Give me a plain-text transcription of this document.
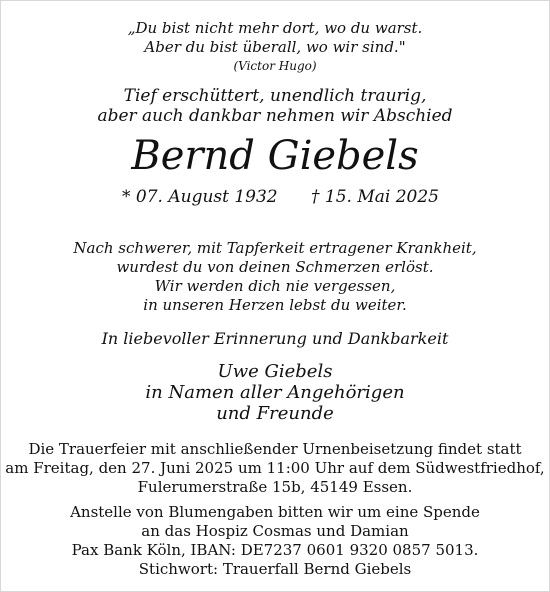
„Du bist nicht mehr dort, wo du warst.
Aber du bist überall, wo wir sind."
(Victor Hugo)
Tief erschüttert, unendlich traurig,
aber auch dankbar nehmen wir Abschied
Bernd Giebels
* 07. August 1932 † 15. Mai 2025
Nach schwerer, mit Tapferkeit ertragener Krankheit,
wurdest du von deinen Schmerzen erlöst.
Wir werden dich nie vergessen,
in unseren Herzen lebst du weiter.
In liebevoller Erinnerung und Dankbarkeit
Uwe Giebels
in Namen aller Angehörigen
und Freunde
Die Trauerfeier mit anschließender Urnenbeisetzung findet statt
am Freitag, den 27. Juni 2025 um 11:00 Uhr auf dem Südwestfriedhof,
Fulerumerstraße 15b, 45149 Essen.
Anstelle von Blumengaben bitten wir um eine Spende
an das Hospiz Cosmas und Damian
Pax Bank Köln, IBAN: DE7237 0601 9320 0857 5013.
Stichwort: Trauerfall Bernd Giebels
